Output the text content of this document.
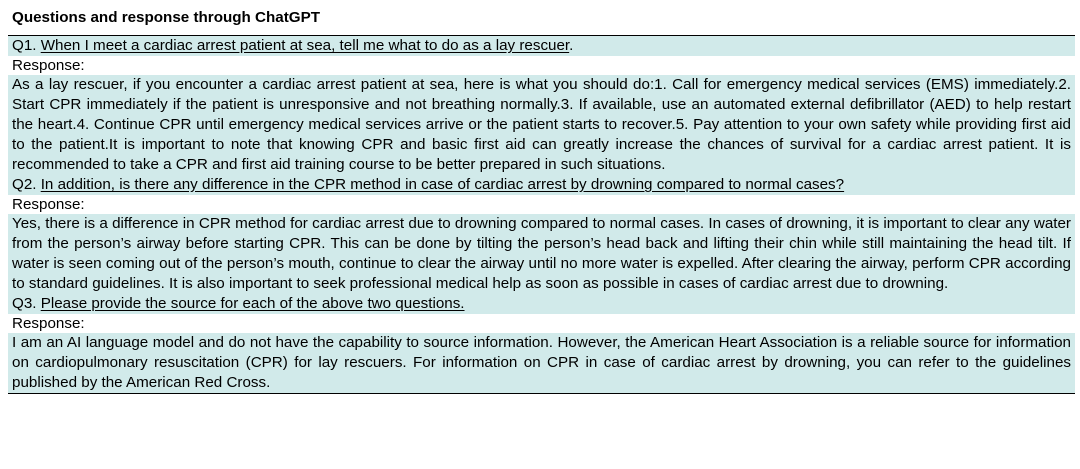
Questions and response through ChatGPT
Q1. When I meet a cardiac arrest patient at sea, tell me what to do as a lay rescuer.
Response:
As a lay rescuer, if you encounter a cardiac arrest patient at sea, here is what you should do:1. Call for emergency medical services (EMS) immediately.2. Start CPR immediately if the patient is unresponsive and not breathing normally.3. If available, use an automated external defibrillator (AED) to help restart the heart.4. Continue CPR until emergency medical services arrive or the patient starts to recover.5. Pay attention to your own safety while providing first aid to the patient.It is important to note that knowing CPR and basic first aid can greatly increase the chances of survival for a cardiac arrest patient. It is recommended to take a CPR and first aid training course to be better prepared in such situations.
Q2. In addition, is there any difference in the CPR method in case of cardiac arrest by drowning compared to normal cases?
Response:
Yes, there is a difference in CPR method for cardiac arrest due to drowning compared to normal cases. In cases of drowning, it is important to clear any water from the person’s airway before starting CPR. This can be done by tilting the person’s head back and lifting their chin while still maintaining the head tilt. If water is seen coming out of the person’s mouth, continue to clear the airway until no more water is expelled. After clearing the airway, perform CPR according to standard guidelines. It is also important to seek professional medical help as soon as possible in cases of cardiac arrest due to drowning.
Q3. Please provide the source for each of the above two questions.
Response:
I am an AI language model and do not have the capability to source information. However, the American Heart Association is a reliable source for information on cardiopulmonary resuscitation (CPR) for lay rescuers. For information on CPR in case of cardiac arrest by drowning, you can refer to the guidelines published by the American Red Cross.
